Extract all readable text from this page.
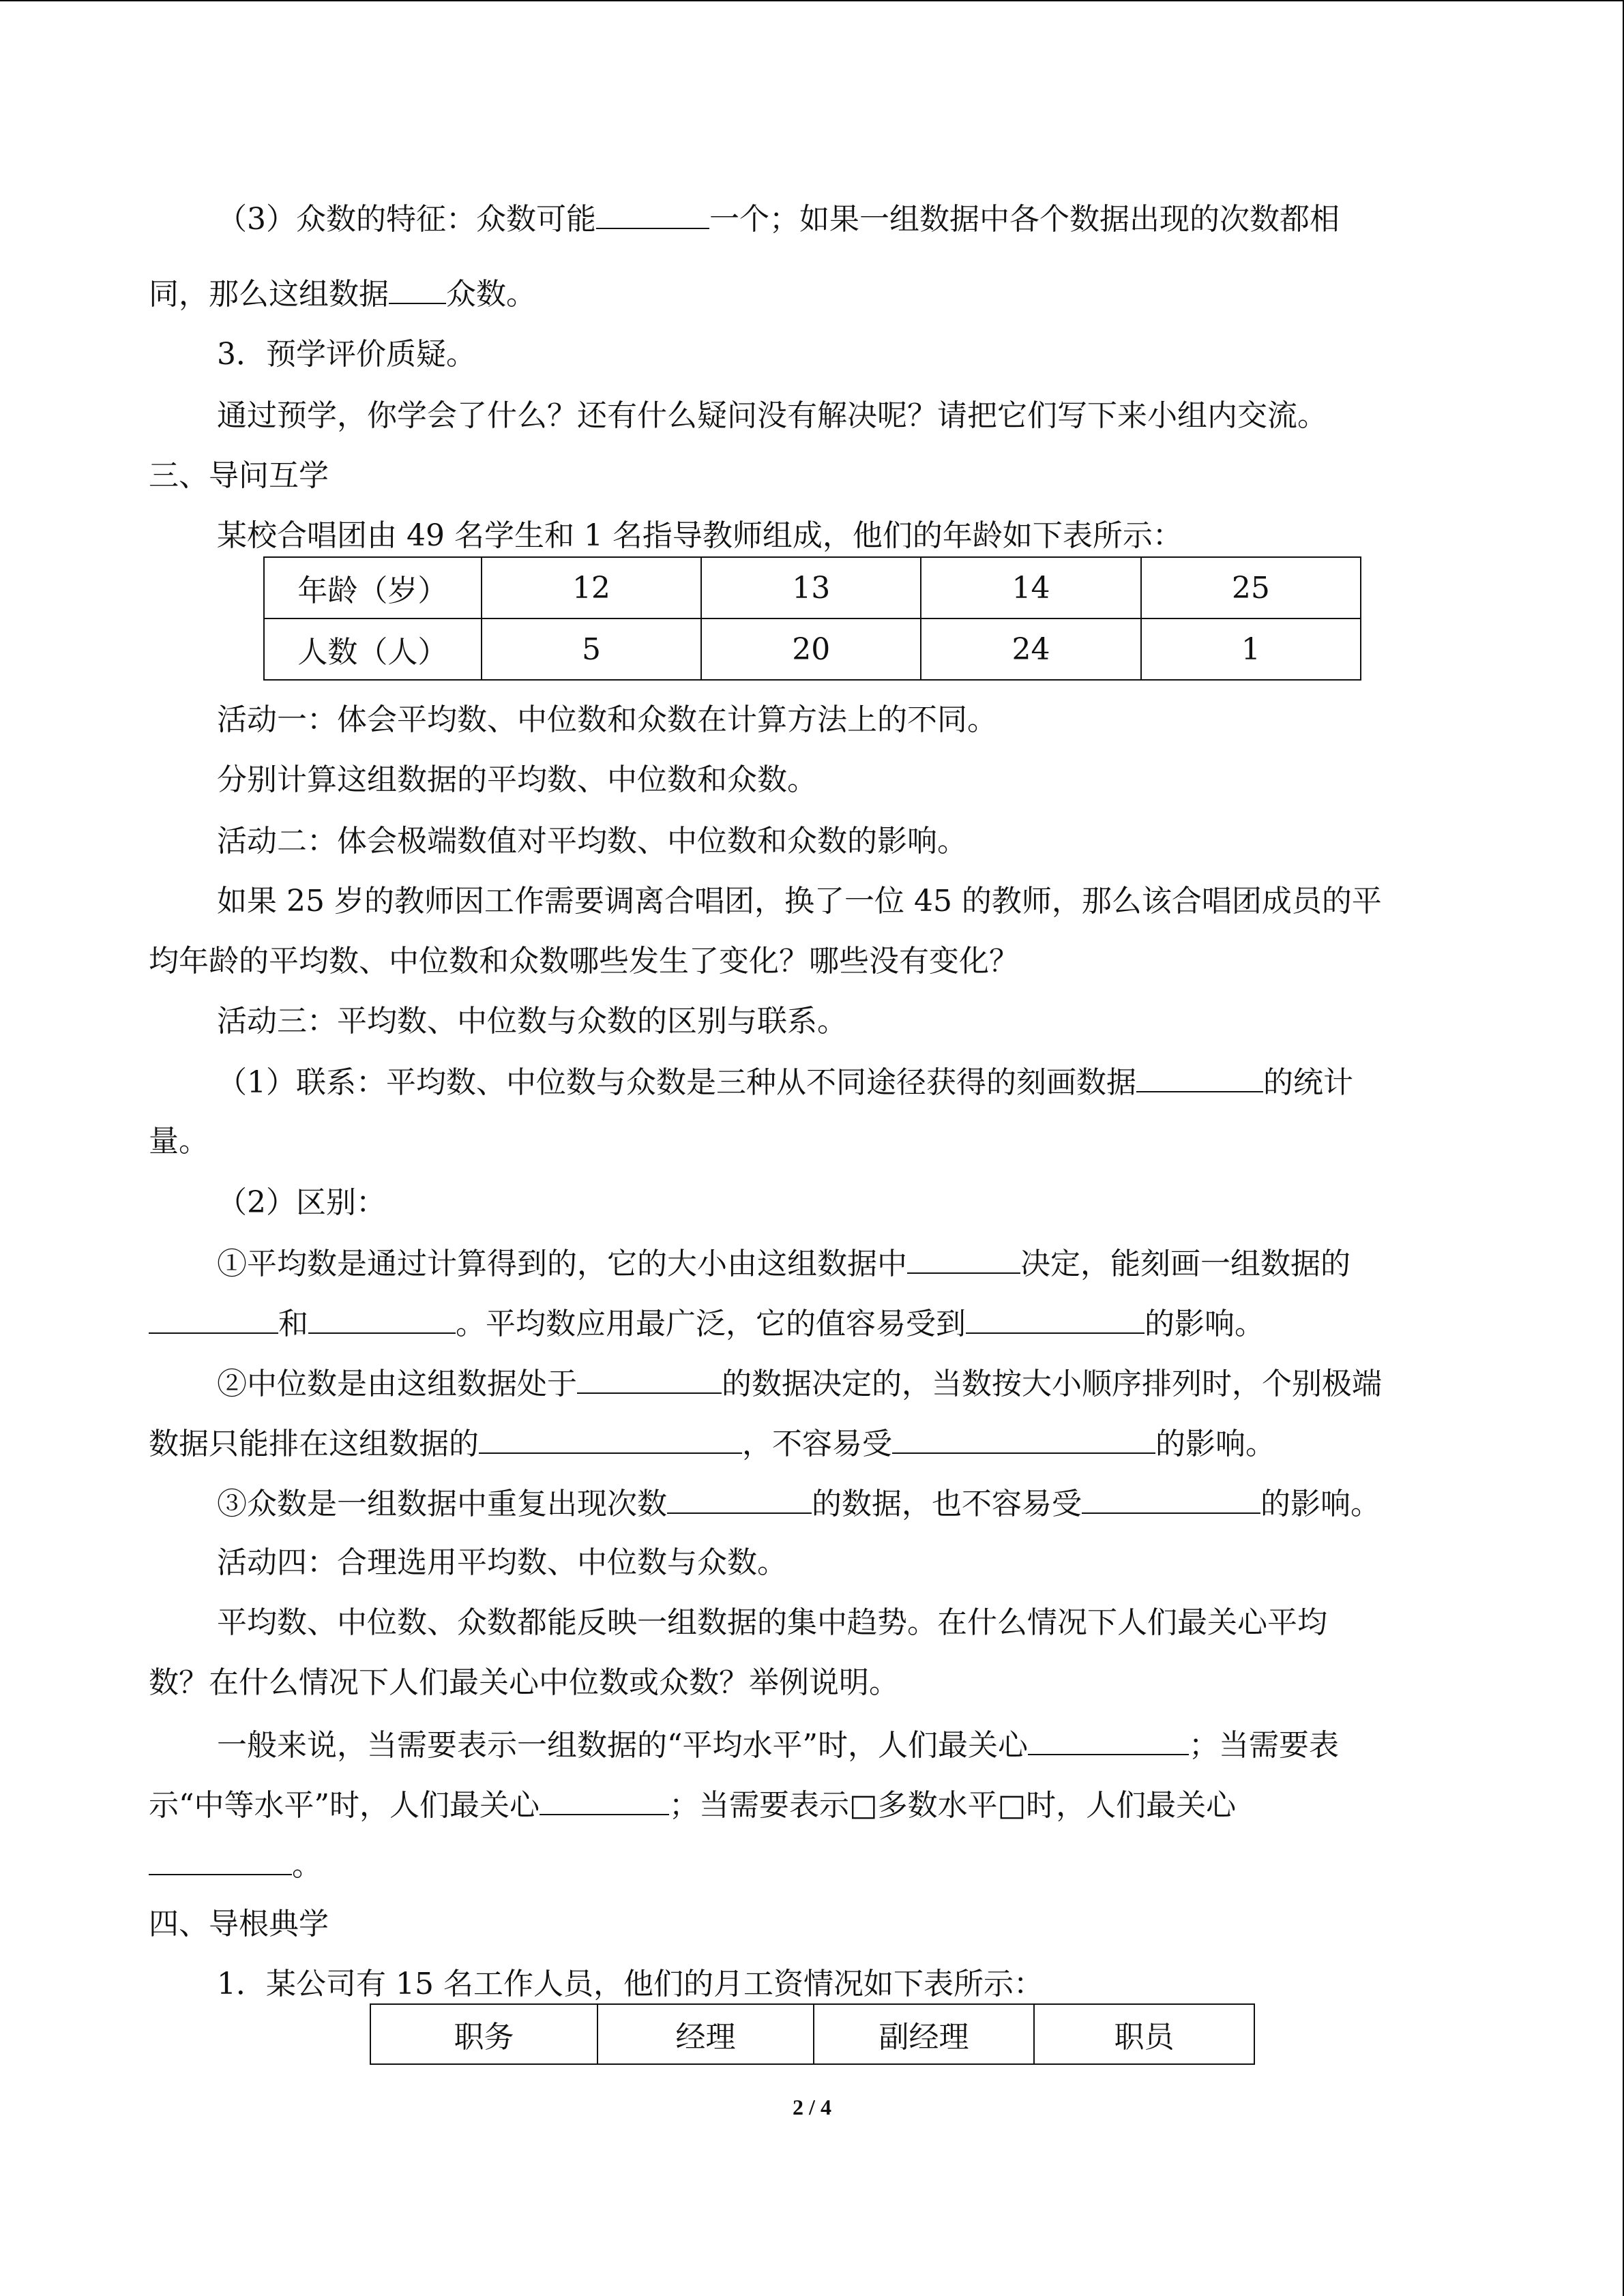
（3）众数的特征：众数可能	一个；如果一组数据中各个数据出现的次数都相
同，那么这组数据 众数。
3．预学评价质疑。
通过预学，你学会了什么？还有什么疑问没有解决呢？请把它们写下来小组内交流。
三、导问互学
某校合唱团由 49 名学生和 1 名指导教师组成，他们的年龄如下表所示：
年龄（岁）	12	13	14	25
人数（人）	5	20	24	1
活动一：体会平均数、中位数和众数在计算方法上的不同。
分别计算这组数据的平均数、中位数和众数。
活动二：体会极端数值对平均数、中位数和众数的影响。
如果 25 岁的教师因工作需要调离合唱团，换了一位 45 的教师，那么该合唱团成员的平
均年龄的平均数、中位数和众数哪些发生了变化？哪些没有变化？
活动三：平均数、中位数与众数的区别与联系。
（1）联系：平均数、中位数与众数是三种从不同途径获得的刻画数据	的统计
量。
（2）区别：
①平均数是通过计算得到的，它的大小由这组数据中	决定，能刻画一组数据的
和	。平均数应用最广泛，它的值容易受到	的影响。
②中位数是由这组数据处于	的数据决定的，当数按大小顺序排列时，个别极端
数据只能排在这组数据的	，不容易受	的影响。
③众数是一组数据中重复出现次数	的数据，也不容易受	的影响。
活动四：合理选用平均数、中位数与众数。
平均数、中位数、众数都能反映一组数据的集中趋势。在什么情况下人们最关心平均
数？在什么情况下人们最关心中位数或众数？举例说明。
一般来说，当需要表示一组数据的“平均水平”时，人们最关心	；当需要表
示“中等水平”时，人们最关心	；当需要表示□多数水平□时，人们最关心
。
四、导根典学
1．某公司有 15 名工作人员，他们的月工资情况如下表所示：
职务	经理	副经理	职员
2 / 4
